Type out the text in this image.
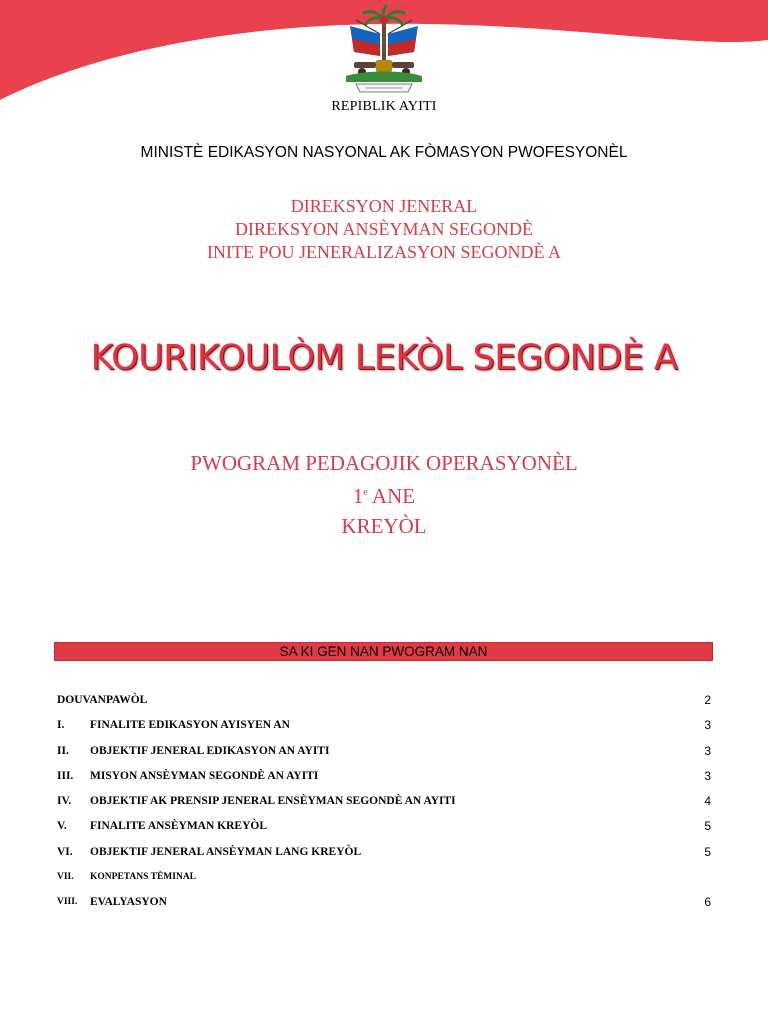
REPIBLIK AYITI
MINISTÈ EDIKASYON NASYONAL AK FÒMASYON PWOFESYONÈL
DIREKSYON JENERAL
DIREKSYON ANSÈYMAN SEGONDÈ
INITE POU JENERALIZASYON SEGONDÈ A
KOURIKOULÒM LEKÒL SEGONDÈ A
PWOGRAM PEDAGOJIK OPERASYONÈL
1e ANE
KREYÒL
SA KI GEN NAN PWOGRAM NAN
DOUVANPAWÒL	2
I. FINALITE EDIKASYON AYISYEN AN	3
II. OBJEKTIF JENERAL EDIKASYON AN AYITI	3
III. MISYON ANSÈYMAN SEGONDÈ AN AYITI	3
IV. OBJEKTIF AK PRENSIP JENERAL ENSÈYMAN SEGONDÈ AN AYITI	4
V. FINALITE ANSÈYMAN KREYÒL	5
VI. OBJEKTIF JENERAL ANSÈYMAN LANG KREYÒL	5
VII. KONPETANS TÈMINAL
VIII. EVALYASYON	6
